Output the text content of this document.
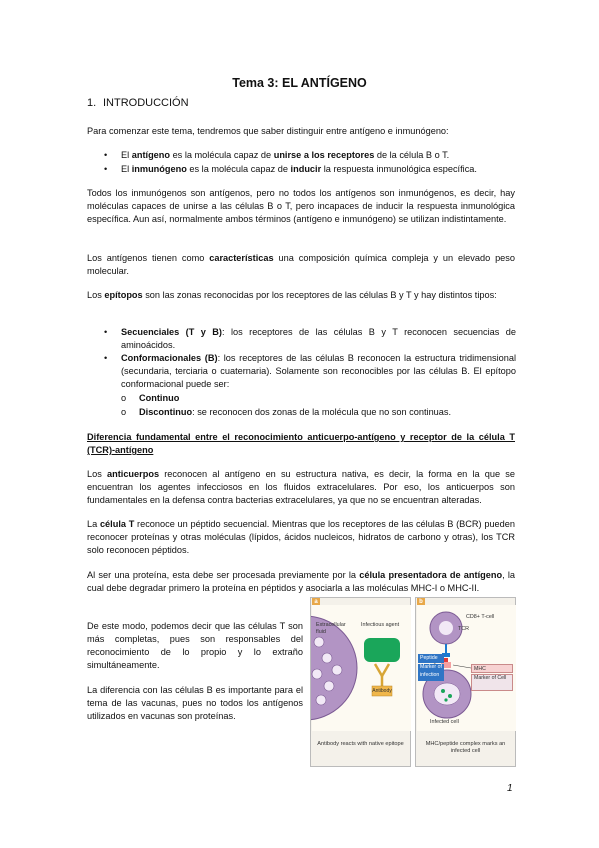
Tema 3: EL ANTÍGENO
1. INTRODUCCIÓN

Para comenzar este tema, tendremos que saber distinguir entre antígeno e inmunógeno:

• El antígeno es la molécula capaz de unirse a los receptores de la célula B o T.
• El inmunógeno es la molécula capaz de inducir la respuesta inmunológica específica.

Todos los inmunógenos son antígenos, pero no todos los antígenos son inmunógenos, es decir, hay moléculas capaces de unirse a las células B o T, pero incapaces de inducir la respuesta inmunológica específica. Aun así, normalmente ambos términos (antígeno e inmunógeno) se utilizan indistintamente.

Los antígenos tienen como características una composición química compleja y un elevado peso molecular.

Los epítopos son las zonas reconocidas por los receptores de las células B y T y hay distintos tipos:

• Secuenciales (T y B): los receptores de las células B y T reconocen secuencias de aminoácidos.
• Conformacionales (B): los receptores de las células B reconocen la estructura tridimensional (secundaria, terciaria o cuaternaria). Solamente son reconocibles por las células B. El epítopo conformacional puede ser:
o Continuo
o Discontinuo: se reconocen dos zonas de la molécula que no son continuas.

Diferencia fundamental entre el reconocimiento anticuerpo-antígeno y receptor de la célula T (TCR)-antígeno

Los anticuerpos reconocen al antígeno en su estructura nativa, es decir, la forma en la que se encuentran los agentes infecciosos en los fluidos extracelulares. Por eso, los anticuerpos son fundamentales en la defensa contra bacterias extracelulares, ya que no se encuentran alteradas.

La célula T reconoce un péptido secuencial. Mientras que los receptores de las células B (BCR) pueden reconocer proteínas y otras moléculas (lípidos, ácidos nucleicos, hidratos de carbono y otras), los TCR solo reconocen péptidos.

Al ser una proteína, esta debe ser procesada previamente por la célula presentadora de antígeno, la cual debe degradar primero la proteína en péptidos y asociarla a las moléculas MHC-I o MHC-II.

De este modo, podemos decir que las células T son más completas, pues son responsables del reconocimiento de lo propio y lo extraño simultáneamente.

La diferencia con las células B es importante para el tema de las vacunas, pues no todos los antígenos utilizados en vacunas son proteínas.

a
Extracellular fluid
Infectious agent
Antibody
Antibody reacts with native epitope
b
CD8+ T-cell
TCR
Peptide
Marker of infection
MHC
Marker of Cell
Infected cell
MHC/peptide complex marks an infected cell
1
